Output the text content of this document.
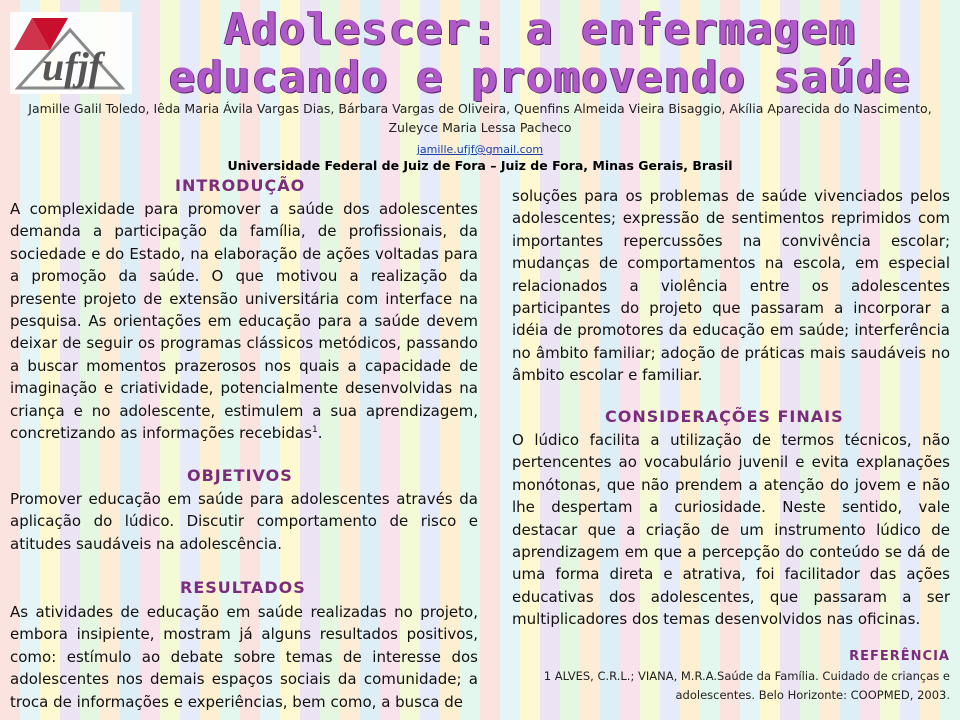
ufjf
Adolescer: a enfermagem
educando e promovendo saúde
Jamille Galil Toledo, Iêda Maria Ávila Vargas Dias, Bárbara Vargas de Oliveira, Quenfins Almeida Vieira Bisaggio, Akília Aparecida do Nascimento, Zuleyce Maria Lessa Pacheco
jamille.ufjf@gmail.com
Universidade Federal de Juiz de Fora – Juiz de Fora, Minas Gerais, Brasil
INTRODUÇÃO
A complexidade para promover a saúde dos adolescentes demanda a participação da família, de profissionais, da sociedade e do Estado, na elaboração de ações voltadas para a promoção da saúde. O que motivou a realização da presente projeto de extensão universitária com interface na pesquisa. As orientações em educação para a saúde devem deixar de seguir os programas clássicos metódicos, passando a buscar momentos prazerosos nos quais a capacidade de imaginação e criatividade, potencialmente desenvolvidas na criança e no adolescente, estimulem a sua aprendizagem, concretizando as informações recebidas$^1$.
OBJETIVOS
Promover educação em saúde para adolescentes através da aplicação do lúdico. Discutir comportamento de risco e atitudes saudáveis na adolescência.
RESULTADOS
As atividades de educação em saúde realizadas no projeto, embora insipiente, mostram já alguns resultados positivos, como: estímulo ao debate sobre temas de interesse dos adolescentes nos demais espaços sociais da comunidade; a troca de informações e experiências, bem como, a busca de
soluções para os problemas de saúde vivenciados pelos adolescentes; expressão de sentimentos reprimidos com importantes repercussões na convivência escolar; mudanças de comportamentos na escola, em especial relacionados a violência entre os adolescentes participantes do projeto que passaram a incorporar a idéia de promotores da educação em saúde; interferência no âmbito familiar; adoção de práticas mais saudáveis no âmbito escolar e familiar.
CONSIDERAÇÕES FINAIS
O lúdico facilita a utilização de termos técnicos, não pertencentes ao vocabulário juvenil e evita explanações monótonas, que não prendem a atenção do jovem e não lhe despertam a curiosidade. Neste sentido, vale destacar que a criação de um instrumento lúdico de aprendizagem em que a percepção do conteúdo se dá de uma forma direta e atrativa, foi facilitador das ações educativas dos adolescentes, que passaram a ser multiplicadores dos temas desenvolvidos nas oficinas.
REFERÊNCIA
1 ALVES, C.R.L.; VIANA, M.R.A.Saúde da Família. Cuidado de crianças e adolescentes. Belo Horizonte: COOPMED, 2003.
